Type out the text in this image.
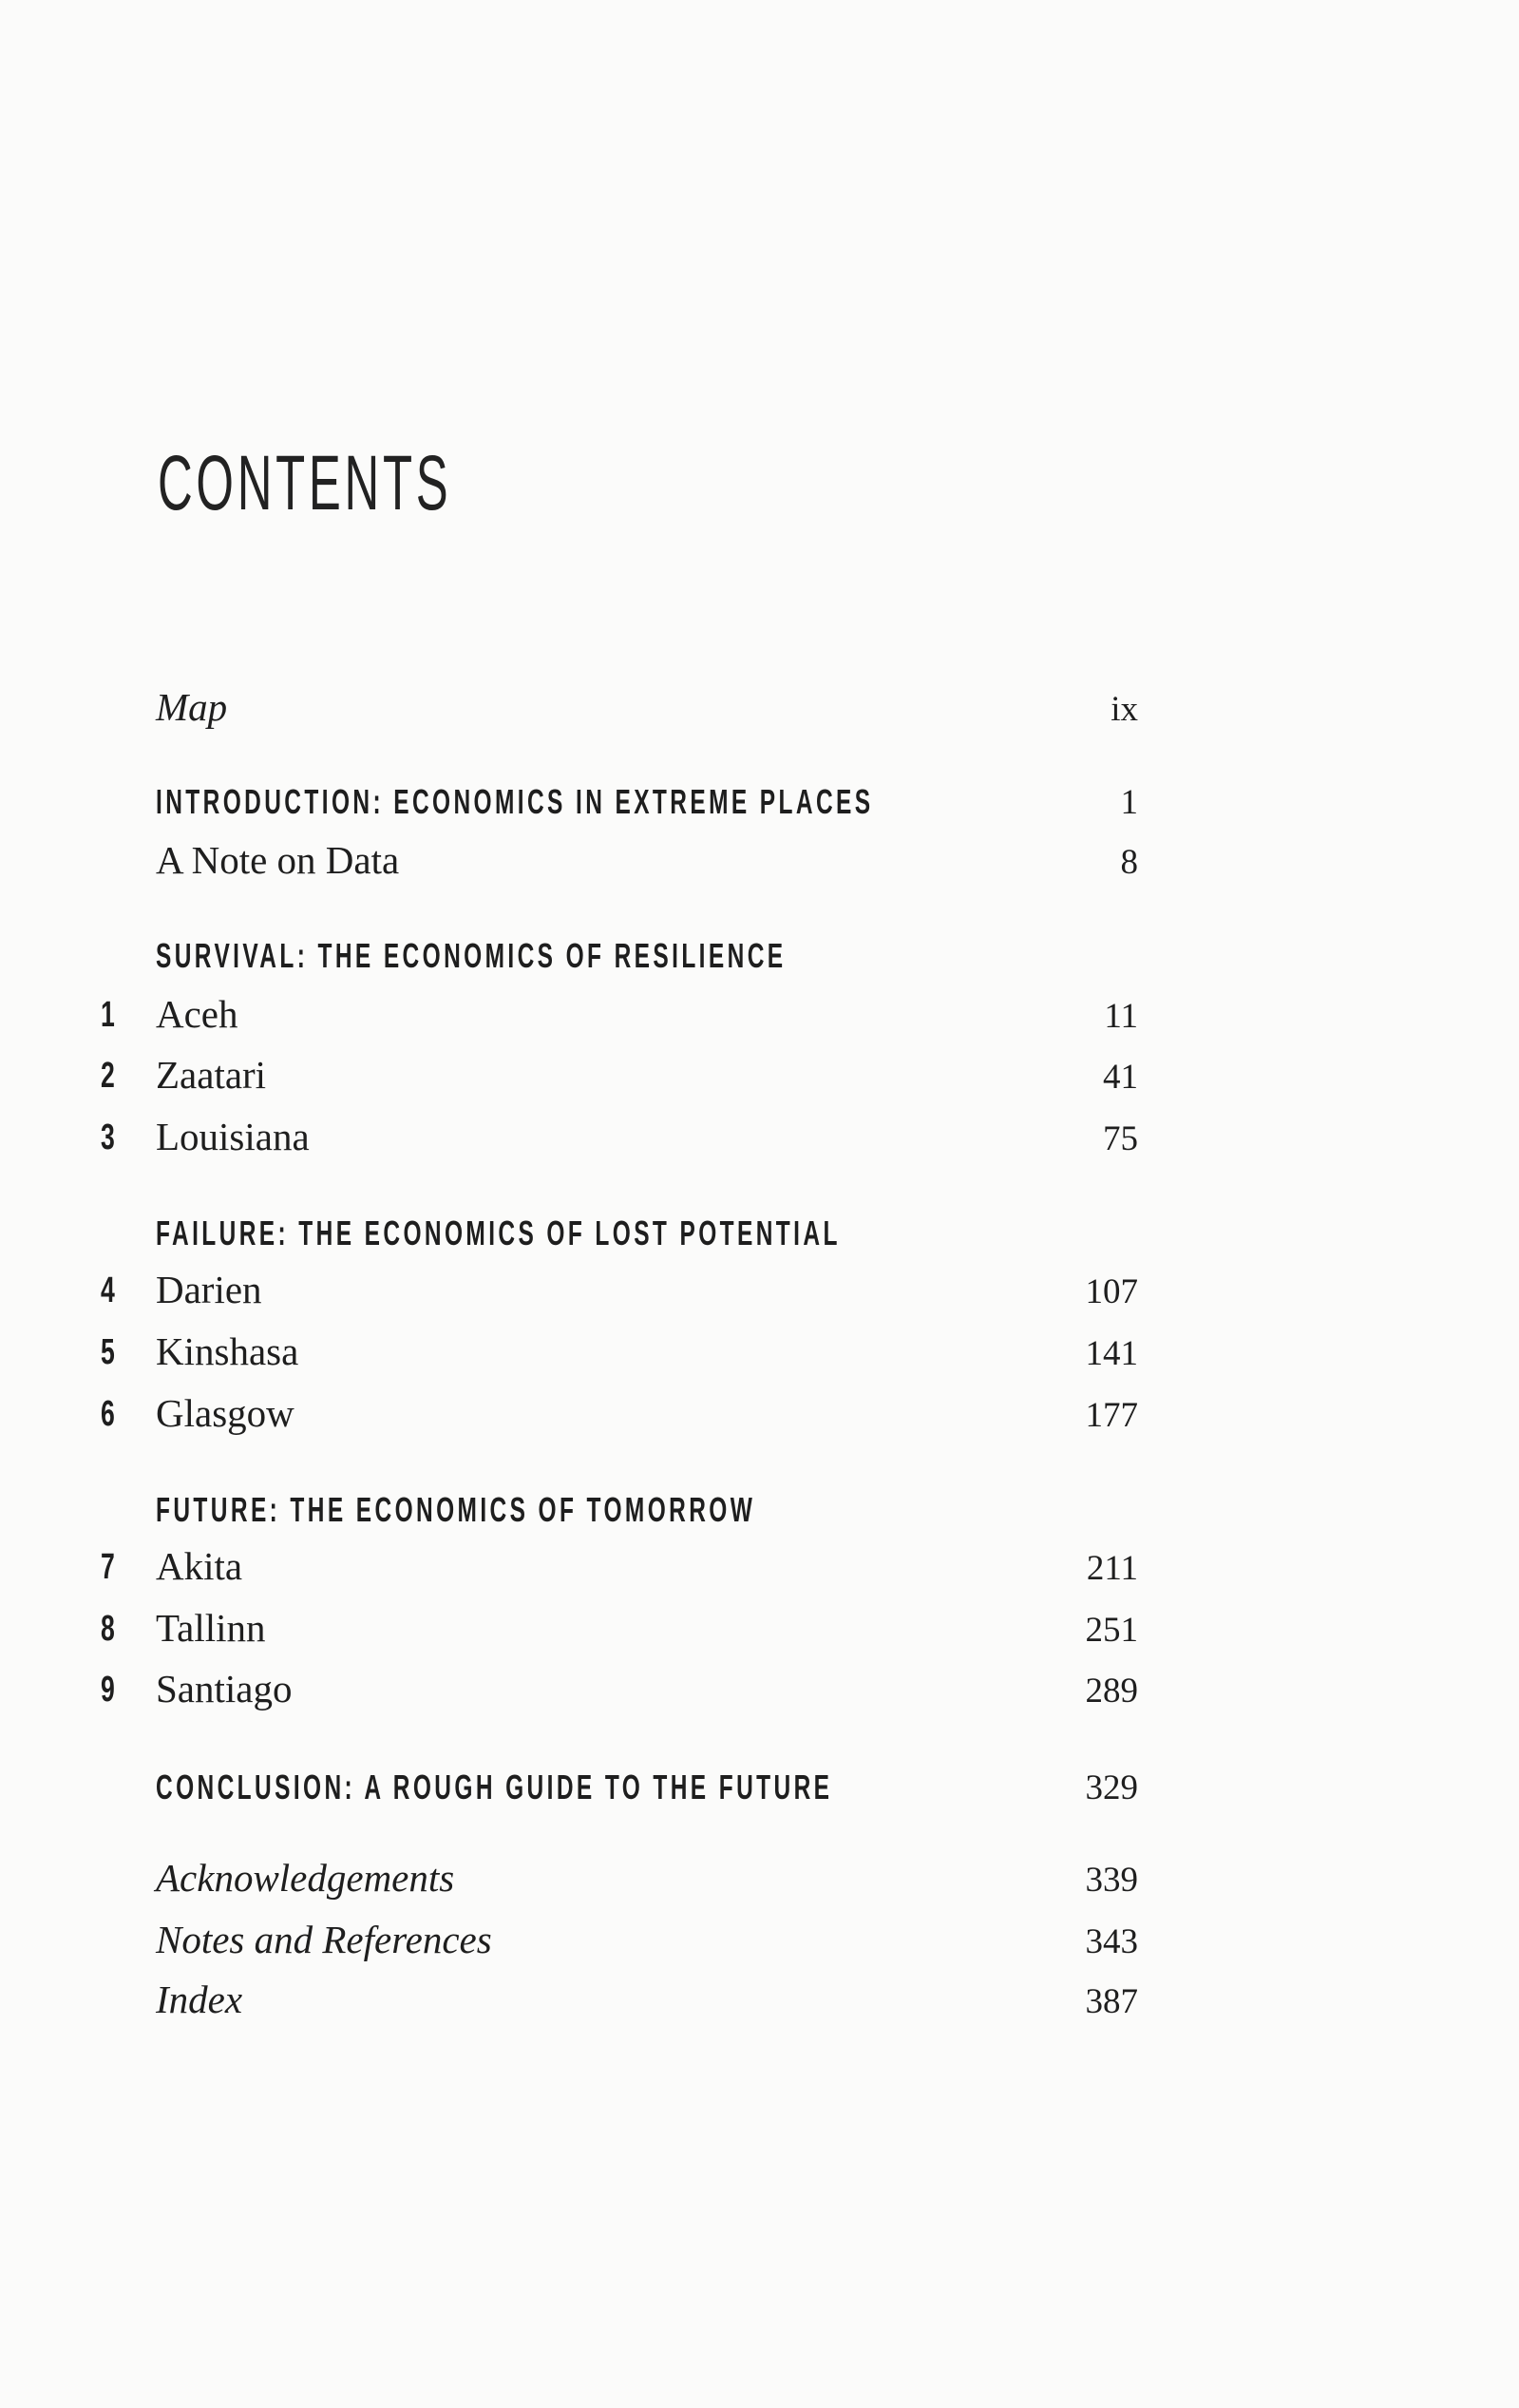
CONTENTS
Map	ix
INTRODUCTION: ECONOMICS IN EXTREME PLACES	1
A Note on Data	8
SURVIVAL: THE ECONOMICS OF RESILIENCE
1 Aceh	11
2 Zaatari	41
3 Louisiana	75
FAILURE: THE ECONOMICS OF LOST POTENTIAL
4 Darien	107
5 Kinshasa	141
6 Glasgow	177
FUTURE: THE ECONOMICS OF TOMORROW
7 Akita	211
8 Tallinn	251
9 Santiago	289
CONCLUSION: A ROUGH GUIDE TO THE FUTURE	329
Acknowledgements	339
Notes and References	343
Index	387
